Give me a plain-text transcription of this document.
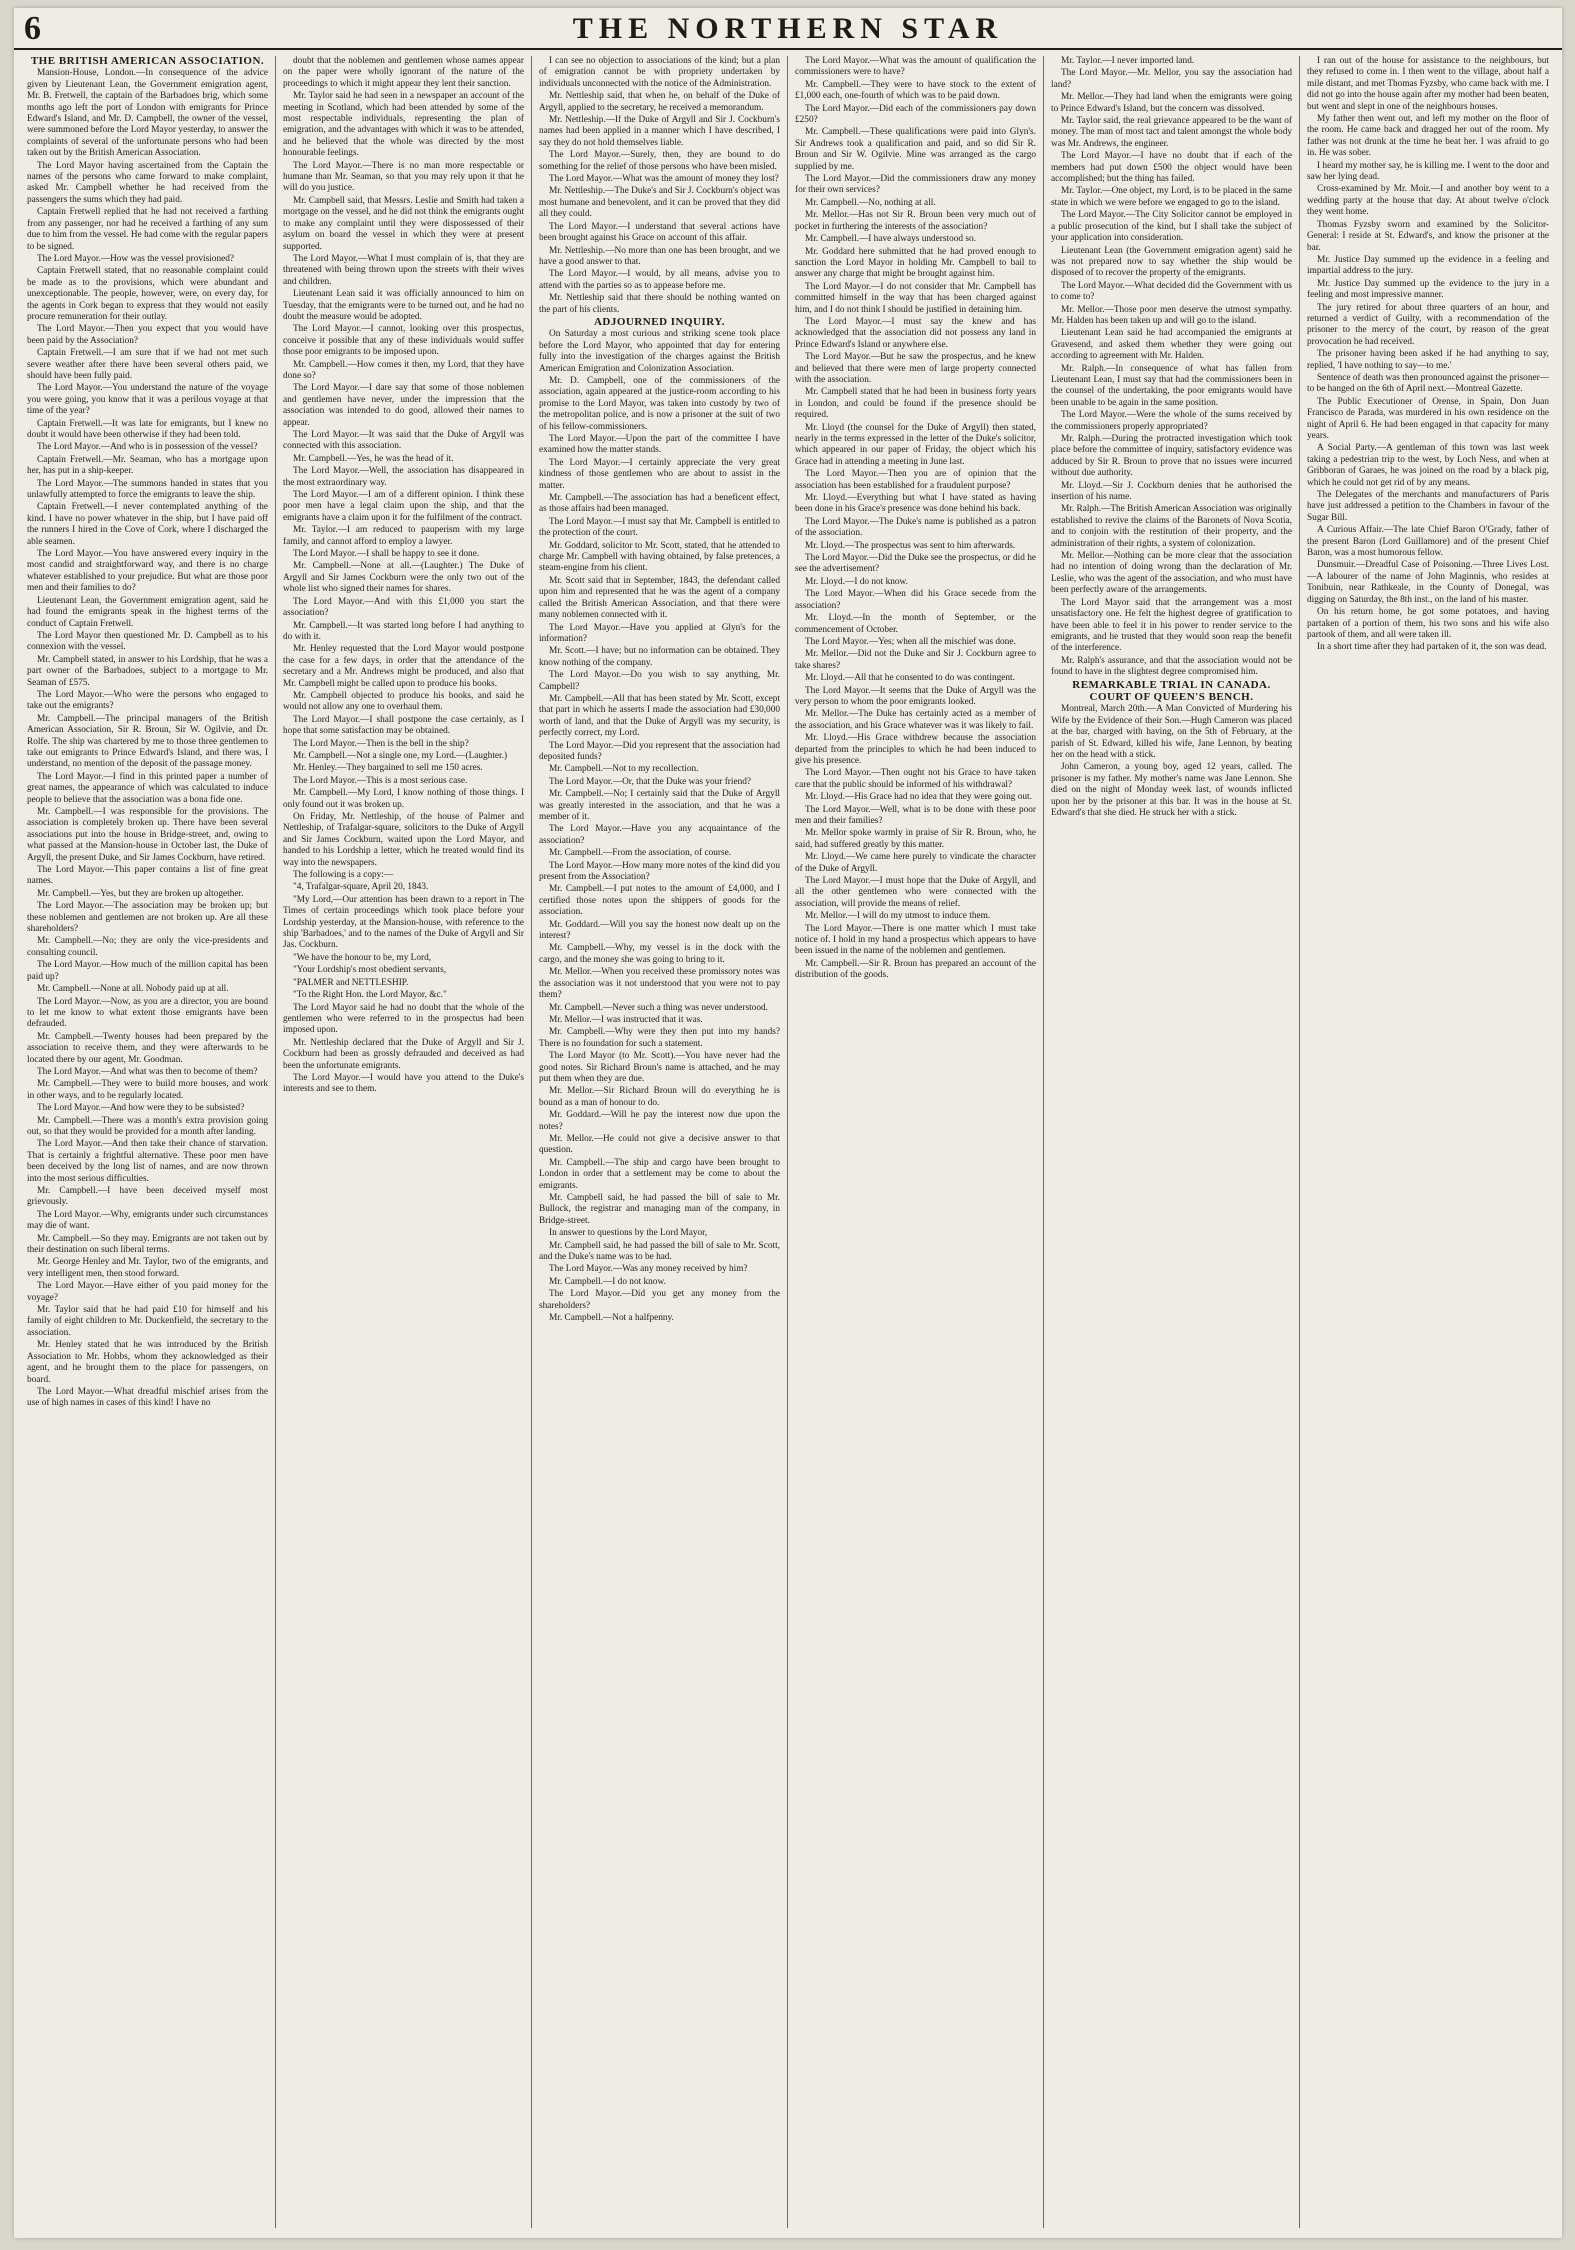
6	THE NORTHERN STAR

THE BRITISH AMERICAN ASSOCIATION.

Mansion-House, London.—In consequence of the advice given by Lieutenant Lean, the Government emigration agent, Mr. B. Fretwell, the captain of the Barbadoes brig, which some months ago left the port of London with emigrants for Prince Edward's Island, and Mr. D. Campbell, the owner of the vessel, were summoned before the Lord Mayor yesterday, to answer the complaints of several of the unfortunate persons who had been taken out by the British American Association.

The Lord Mayor having ascertained from the Captain the names of the persons who came forward to make complaint, asked Mr. Campbell whether he had received from the passengers the sums which they had paid.

Captain Fretwell replied that he had not received a farthing from any passenger, nor had he received a farthing of any sum due to him from the vessel. He had come with the regular papers to be signed.

The Lord Mayor.—How was the vessel provisioned?

Captain Fretwell stated, that no reasonable complaint could be made as to the provisions, which were abundant and unexceptionable. The people, however, were, on every day, for the agents in Cork began to express that they would not easily procure remuneration for their outlay.

The Lord Mayor.—Then you expect that you would have been paid by the Association?

Captain Fretwell.—I am sure that if we had not met such severe weather after there have been several others paid, we should have been fully paid.

The Lord Mayor.—You understand the nature of the voyage you were going, you know that it was a perilous voyage at that time of the year?

Captain Fretwell.—It was late for emigrants, but I knew no doubt it would have been otherwise if they had been told.

The Lord Mayor.—And who is in possession of the vessel?

Captain Fretwell.—Mr. Seaman, who has a mortgage upon her, has put in a ship-keeper.

The Lord Mayor.—The summons handed in states that you unlawfully attempted to force the emigrants to leave the ship.

Captain Fretwell.—I never contemplated anything of the kind. I have no power whatever in the ship, but I have paid off the runners I hired in the Cove of Cork, where I discharged the able seamen.

The Lord Mayor.—You have answered every inquiry in the most candid and straightforward way, and there is no charge whatever established to your prejudice. But what are those poor men and their families to do?

Lieutenant Lean, the Government emigration agent, said he had found the emigrants speak in the highest terms of the conduct of Captain Fretwell.

The Lord Mayor then questioned Mr. D. Campbell as to his connexion with the vessel.

Mr. Campbell stated, in answer to his Lordship, that he was a part owner of the Barbadoes, subject to a mortgage to Mr. Seaman of £575.

The Lord Mayor.—Who were the persons who engaged to take out the emigrants?

Mr. Campbell.—The principal managers of the British American Association, Sir R. Broun, Sir W. Ogilvie, and Dr. Rolfe. The ship was chartered by me to those three gentlemen to take out emigrants to Prince Edward's Island, and there was, I understand, no mention of the deposit of the passage money.

The Lord Mayor.—I find in this printed paper a number of great names, the appearance of which was calculated to induce people to believe that the association was a bona fide one.

Mr. Campbell.—I was responsible for the provisions. The association is completely broken up. There have been several associations put into the house in Bridge-street, and, owing to what passed at the Mansion-house in October last, the Duke of Argyll, the present Duke, and Sir James Cockburn, have retired.

The Lord Mayor.—This paper contains a list of fine great names.

Mr. Campbell.—Yes, but they are broken up altogether.

The Lord Mayor.—The association may be broken up; but these noblemen and gentlemen are not broken up. Are all these shareholders?

Mr. Campbell.—No; they are only the vice-presidents and consulting council.

The Lord Mayor.—How much of the million capital has been paid up?

Mr. Campbell.—None at all. Nobody paid up at all.

The Lord Mayor.—Now, as you are a director, you are bound to let me know to what extent those emigrants have been defrauded.

Mr. Campbell.—Twenty houses had been prepared by the association to receive them, and they were afterwards to be located there by our agent, Mr. Goodman.

The Lord Mayor.—And what was then to become of them?

Mr. Campbell.—They were to build more houses, and work in other ways, and to be regularly located.

The Lord Mayor.—And how were they to be subsisted?

Mr. Campbell.—There was a month's extra provision going out, so that they would be provided for a month after landing.

The Lord Mayor.—And then take their chance of starvation. That is certainly a frightful alternative. These poor men have been deceived by the long list of names, and are now thrown into the most serious difficulties.

Mr. Campbell.—I have been deceived myself most grievously.

The Lord Mayor.—Why, emigrants under such circumstances may die of want.

Mr. Campbell.—So they may. Emigrants are not taken out by their destination on such liberal terms.

Mr. George Henley and Mr. Taylor, two of the emigrants, and very intelligent men, then stood forward.

The Lord Mayor.—Have either of you paid money for the voyage?

Mr. Taylor said that he had paid £10 for himself and his family of eight children to Mr. Duckenfield, the secretary to the association.

Mr. Henley stated that he was introduced by the British Association to Mr. Hobbs, whom they acknowledged as their agent, and he brought them to the place for passengers, on board.

The Lord Mayor.—What dreadful mischief arises from the use of high names in cases of this kind! I have no

doubt that the noblemen and gentlemen whose names appear on the paper were wholly ignorant of the nature of the proceedings to which it might appear they lent their sanction.

Mr. Taylor said he had seen in a newspaper an account of the meeting in Scotland, which had been attended by some of the most respectable individuals, representing the plan of emigration, and the advantages with which it was to be attended, and he believed that the whole was directed by the most honourable feelings.

The Lord Mayor.—There is no man more respectable or humane than Mr. Seaman, so that you may rely upon it that he will do you justice.

Mr. Campbell said, that Messrs. Leslie and Smith had taken a mortgage on the vessel, and he did not think the emigrants ought to make any complaint until they were dispossessed of their asylum on board the vessel in which they were at present supported.

The Lord Mayor.—What I must complain of is, that they are threatened with being thrown upon the streets with their wives and children.

Lieutenant Lean said it was officially announced to him on Tuesday, that the emigrants were to be turned out, and he had no doubt the measure would be adopted.

The Lord Mayor.—I cannot, looking over this prospectus, conceive it possible that any of these individuals would suffer those poor emigrants to be imposed upon.

Mr. Campbell.—How comes it then, my Lord, that they have done so?

The Lord Mayor.—I dare say that some of those noblemen and gentlemen have never, under the impression that the association was intended to do good, allowed their names to appear.

The Lord Mayor.—It was said that the Duke of Argyll was connected with this association.

Mr. Campbell.—Yes, he was the head of it.

The Lord Mayor.—Well, the association has disappeared in the most extraordinary way.

The Lord Mayor.—I am of a different opinion. I think these poor men have a legal claim upon the ship, and that the emigrants have a claim upon it for the fulfilment of the contract.

Mr. Taylor.—I am reduced to pauperism with my large family, and cannot afford to employ a lawyer.

The Lord Mayor.—I shall be happy to see it done.

Mr. Campbell.—None at all.—(Laughter.) The Duke of Argyll and Sir James Cockburn were the only two out of the whole list who signed their names for shares.

The Lord Mayor.—And with this £1,000 you start the association?

Mr. Campbell.—It was started long before I had anything to do with it.

Mr. Henley requested that the Lord Mayor would postpone the case for a few days, in order that the attendance of the secretary and a Mr. Andrews might be produced, and also that Mr. Campbell might be called upon to produce his books.

Mr. Campbell objected to produce his books, and said he would not allow any one to overhaul them.

The Lord Mayor.—I shall postpone the case certainly, as I hope that some satisfaction may be obtained.

The Lord Mayor.—Then is the bell in the ship?

Mr. Campbell.—Not a single one, my Lord.—(Laughter.)

Mr. Henley.—They bargained to sell me 150 acres.

The Lord Mayor.—This is a most serious case.

Mr. Campbell.—My Lord, I know nothing of those things. I only found out it was broken up.

On Friday, Mr. Nettleship, of the house of Palmer and Nettleship, of Trafalgar-square, solicitors to the Duke of Argyll and Sir James Cockburn, waited upon the Lord Mayor, and handed to his Lordship a letter, which he treated would find its way into the newspapers.

The following is a copy:—

"4, Trafalgar-square, April 20, 1843.

"My Lord,—Our attention has been drawn to a report in The Times of certain proceedings which took place before your Lordship yesterday, at the Mansion-house, with reference to the ship 'Barbadoes,' and to the names of the Duke of Argyll and Sir Jas. Cockburn.

"We have the honour to be, my Lord,

"Your Lordship's most obedient servants,

"PALMER and NETTLESHIP.

"To the Right Hon. the Lord Mayor, &c."

The Lord Mayor said he had no doubt that the whole of the gentlemen who were referred to in the prospectus had been imposed upon.

Mr. Nettleship declared that the Duke of Argyll and Sir J. Cockburn had been as grossly defrauded and deceived as had been the unfortunate emigrants.

The Lord Mayor.—I would have you attend to the Duke's interests and see to them.

I can see no objection to associations of the kind; but a plan of emigration cannot be with propriety undertaken by individuals unconnected with the notice of the Administration.

Mr. Nettleship said, that when he, on behalf of the Duke of Argyll, applied to the secretary, he received a memorandum.

Mr. Nettleship.—If the Duke of Argyll and Sir J. Cockburn's names had been applied in a manner which I have described, I say they do not hold themselves liable.

The Lord Mayor.—Surely, then, they are bound to do something for the relief of those persons who have been misled.

The Lord Mayor.—What was the amount of money they lost?

Mr. Nettleship.—The Duke's and Sir J. Cockburn's object was most humane and benevolent, and it can be proved that they did all they could.

The Lord Mayor.—I understand that several actions have been brought against his Grace on account of this affair.

Mr. Nettleship.—No more than one has been brought, and we have a good answer to that.

The Lord Mayor.—I would, by all means, advise you to attend with the parties so as to appease before me.

Mr. Nettleship said that there should be nothing wanted on the part of his clients.

ADJOURNED INQUIRY.

On Saturday a most curious and striking scene took place before the Lord Mayor, who appointed that day for entering fully into the investigation of the charges against the British American Emigration and Colonization Association.

Mr. D. Campbell, one of the commissioners of the association, again appeared at the justice-room according to his promise to the Lord Mayor, was taken into custody by two of the metropolitan police, and is now a prisoner at the suit of two of his fellow-commissioners.

The Lord Mayor.—Upon the part of the committee I have examined how the matter stands.

The Lord Mayor.—I certainly appreciate the very great kindness of those gentlemen who are about to assist in the matter.

Mr. Campbell.—The association has had a beneficent effect, as those affairs had been managed.

The Lord Mayor.—I must say that Mr. Campbell is entitled to the protection of the court.

Mr. Goddard, solicitor to Mr. Scott, stated, that he attended to charge Mr. Campbell with having obtained, by false pretences, a steam-engine from his client.

Mr. Scott said that in September, 1843, the defendant called upon him and represented that he was the agent of a company called the British American Association, and that there were many noblemen connected with it.

The Lord Mayor.—Have you applied at Glyn's for the information?

Mr. Scott.—I have; but no information can be obtained. They know nothing of the company.

The Lord Mayor.—Do you wish to say anything, Mr. Campbell?

Mr. Campbell.—All that has been stated by Mr. Scott, except that part in which he asserts I made the association had £30,000 worth of land, and that the Duke of Argyll was my security, is perfectly correct, my Lord.

The Lord Mayor.—Did you represent that the association had deposited funds?

Mr. Campbell.—Not to my recollection.

The Lord Mayor.—Or, that the Duke was your friend?

Mr. Campbell.—No; I certainly said that the Duke of Argyll was greatly interested in the association, and that he was a member of it.

The Lord Mayor.—Have you any acquaintance of the association?

Mr. Campbell.—From the association, of course.

The Lord Mayor.—How many more notes of the kind did you present from the Association?

Mr. Campbell.—I put notes to the amount of £4,000, and I certified those notes upon the shippers of goods for the association.

Mr. Goddard.—Will you say the honest now dealt up on the interest?

Mr. Campbell.—Why, my vessel is in the dock with the cargo, and the money she was going to bring to it.

Mr. Mellor.—When you received these promissory notes was the association was it not understood that you were not to pay them?

Mr. Campbell.—Never such a thing was never understood.

Mr. Mellor.—I was instructed that it was.

Mr. Campbell.—Why were they then put into my hands? There is no foundation for such a statement.

The Lord Mayor (to Mr. Scott).—You have never had the good notes. Sir Richard Broun's name is attached, and he may put them when they are due.

Mr. Mellor.—Sir Richard Broun will do everything he is bound as a man of honour to do.

Mr. Goddard.—Will he pay the interest now due upon the notes?

Mr. Mellor.—He could not give a decisive answer to that question.

Mr. Campbell.—The ship and cargo have been brought to London in order that a settlement may be come to about the emigrants.

Mr. Campbell said, he had passed the bill of sale to Mr. Bullock, the registrar and managing man of the company, in Bridge-street.

In answer to questions by the Lord Mayor,

Mr. Campbell said, he had passed the bill of sale to Mr. Scott, and the Duke's name was to be had.

The Lord Mayor.—Was any money received by him?

Mr. Campbell.—I do not know.

The Lord Mayor.—Did you get any money from the shareholders?

Mr. Campbell.—Not a halfpenny.

The Lord Mayor.—What was the amount of qualification the commissioners were to have?

Mr. Campbell.—They were to have stock to the extent of £1,000 each, one-fourth of which was to be paid down.

The Lord Mayor.—Did each of the commissioners pay down £250?

Mr. Campbell.—These qualifications were paid into Glyn's. Sir Andrews took a qualification and paid, and so did Sir R. Broun and Sir W. Ogilvie. Mine was arranged as the cargo supplied by me.

The Lord Mayor.—Did the commissioners draw any money for their own services?

Mr. Campbell.—No, nothing at all.

Mr. Mellor.—Has not Sir R. Broun been very much out of pocket in furthering the interests of the association?

Mr. Campbell.—I have always understood so.

Mr. Goddard here submitted that he had proved enough to sanction the Lord Mayor in holding Mr. Campbell to bail to answer any charge that might be brought against him.

The Lord Mayor.—I do not consider that Mr. Campbell has committed himself in the way that has been charged against him, and I do not think I should be justified in detaining him.

The Lord Mayor.—I must say the knew and has acknowledged that the association did not possess any land in Prince Edward's Island or anywhere else.

The Lord Mayor.—But he saw the prospectus, and he knew and believed that there were men of large property connected with the association.

Mr. Campbell stated that he had been in business forty years in London, and could be found if the presence should be required.

Mr. Lloyd (the counsel for the Duke of Argyll) then stated, nearly in the terms expressed in the letter of the Duke's solicitor, which appeared in our paper of Friday, the object which his Grace had in attending a meeting in June last.

The Lord Mayor.—Then you are of opinion that the association has been established for a fraudulent purpose?

Mr. Lloyd.—Everything but what I have stated as having been done in his Grace's presence was done behind his back.

The Lord Mayor.—The Duke's name is published as a patron of the association.

Mr. Lloyd.—The prospectus was sent to him afterwards.

The Lord Mayor.—Did the Duke see the prospectus, or did he see the advertisement?

Mr. Lloyd.—I do not know.

The Lord Mayor.—When did his Grace secede from the association?

Mr. Lloyd.—In the month of September, or the commencement of October.

The Lord Mayor.—Yes; when all the mischief was done.

Mr. Mellor.—Did not the Duke and Sir J. Cockburn agree to take shares?

Mr. Lloyd.—All that he consented to do was contingent.

The Lord Mayor.—It seems that the Duke of Argyll was the very person to whom the poor emigrants looked.

Mr. Mellor.—The Duke has certainly acted as a member of the association, and his Grace whatever was it was likely to fail.

Mr. Lloyd.—His Grace withdrew because the association departed from the principles to which he had been induced to give his presence.

The Lord Mayor.—Then ought not his Grace to have taken care that the public should be informed of his withdrawal?

Mr. Lloyd.—His Grace had no idea that they were going out.

The Lord Mayor.—Well, what is to be done with these poor men and their families?

Mr. Mellor spoke warmly in praise of Sir R. Broun, who, he said, had suffered greatly by this matter.

Mr. Lloyd.—We came here purely to vindicate the character of the Duke of Argyll.

The Lord Mayor.—I must hope that the Duke of Argyll, and all the other gentlemen who were connected with the association, will provide the means of relief.

Mr. Mellor.—I will do my utmost to induce them.

The Lord Mayor.—There is one matter which I must take notice of. I hold in my hand a prospectus which appears to have been issued in the name of the noblemen and gentlemen.

Mr. Campbell.—Sir R. Broun has prepared an account of the distribution of the goods.

Mr. Taylor.—I never imported land.

The Lord Mayor.—Mr. Mellor, you say the association had land?

Mr. Mellor.—They had land when the emigrants were going to Prince Edward's Island, but the concern was dissolved.

Mr. Taylor said, the real grievance appeared to be the want of money. The man of most tact and talent amongst the whole body was Mr. Andrews, the engineer.

The Lord Mayor.—I have no doubt that if each of the members had put down £500 the object would have been accomplished; but the thing has failed.

Mr. Taylor.—One object, my Lord, is to be placed in the same state in which we were before we engaged to go to the island.

The Lord Mayor.—The City Solicitor cannot be employed in a public prosecution of the kind, but I shall take the subject of your application into consideration.

Lieutenant Lean (the Government emigration agent) said he was not prepared now to say whether the ship would be disposed of to recover the property of the emigrants.

The Lord Mayor.—What decided did the Government with us to come to?

Mr. Mellor.—Those poor men deserve the utmost sympathy. Mr. Halden has been taken up and will go to the island.

Lieutenant Lean said he had accompanied the emigrants at Gravesend, and asked them whether they were going out according to agreement with Mr. Halden.

Mr. Ralph.—In consequence of what has fallen from Lieutenant Lean, I must say that had the commissioners been in the counsel of the undertaking, the poor emigrants would have been unable to be again in the same position.

The Lord Mayor.—Were the whole of the sums received by the commissioners properly appropriated?

Mr. Ralph.—During the protracted investigation which took place before the committee of inquiry, satisfactory evidence was adduced by Sir R. Broun to prove that no issues were incurred without due authority.

Mr. Lloyd.—Sir J. Cockburn denies that he authorised the insertion of his name.

Mr. Ralph.—The British American Association was originally established to revive the claims of the Baronets of Nova Scotia, and to conjoin with the restitution of their property, and the administration of their rights, a system of colonization.

Mr. Mellor.—Nothing can be more clear that the association had no intention of doing wrong than the declaration of Mr. Leslie, who was the agent of the association, and who must have been perfectly aware of the arrangements.

The Lord Mayor said that the arrangement was a most unsatisfactory one. He felt the highest degree of gratification to have been able to feel it in his power to render service to the emigrants, and he trusted that they would soon reap the benefit of the interference.

Mr. Ralph's assurance, and that the association would not be found to have in the slightest degree compromised him.

REMARKABLE TRIAL IN CANADA.

COURT OF QUEEN'S BENCH.

Montreal, March 20th.—A Man Convicted of Murdering his Wife by the Evidence of their Son.—Hugh Cameron was placed at the bar, charged with having, on the 5th of February, at the parish of St. Edward, killed his wife, Jane Lennon, by beating her on the head with a stick.

John Cameron, a young boy, aged 12 years, called. The prisoner is my father. My mother's name was Jane Lennon. She died on the night of Monday week last, of wounds inflicted upon her by the prisoner at this bar. It was in the house at St. Edward's that she died. He struck her with a stick.

I ran out of the house for assistance to the neighbours, but they refused to come in. I then went to the village, about half a mile distant, and met Thomas Fyzsby, who came back with me. I did not go into the house again after my mother had been beaten, but went and slept in one of the neighbours houses.

My father then went out, and left my mother on the floor of the room. He came back and dragged her out of the room. My father was not drunk at the time he beat her. I was afraid to go in. He was sober.

I heard my mother say, he is killing me. I went to the door and saw her lying dead.

Cross-examined by Mr. Moir.—I and another boy went to a wedding party at the house that day. At about twelve o'clock they went home.

Thomas Fyzsby sworn and examined by the Solicitor-General: I reside at St. Edward's, and know the prisoner at the bar.

Mr. Justice Day summed up the evidence in a feeling and impartial address to the jury.

Mr. Justice Day summed up the evidence to the jury in a feeling and most impressive manner.

The jury retired for about three quarters of an hour, and returned a verdict of Guilty, with a recommendation of the prisoner to the mercy of the court, by reason of the great provocation he had received.

The prisoner having been asked if he had anything to say, replied, 'I have nothing to say—to me.'

Sentence of death was then pronounced against the prisoner—to be hanged on the 6th of April next.—Montreal Gazette.

The Public Executioner of Orense, in Spain, Don Juan Francisco de Parada, was murdered in his own residence on the night of April 6. He had been engaged in that capacity for many years.

A Social Party.—A gentleman of this town was last week taking a pedestrian trip to the west, by Loch Ness, and when at Gribboran of Garaes, he was joined on the road by a black pig, which he could not get rid of by any means.

The Delegates of the merchants and manufacturers of Paris have just addressed a petition to the Chambers in favour of the Sugar Bill.

A Curious Affair.—The late Chief Baron O'Grady, father of the present Baron (Lord Guillamore) and of the present Chief Baron, was a most humorous fellow.

Dunsmuir.—Dreadful Case of Poisoning.—Three Lives Lost.—A labourer of the name of John Maginnis, who resides at Tonibuin, near Rathkeale, in the County of Donegal, was digging on Saturday, the 8th inst., on the land of his master.

On his return home, he got some potatoes, and having partaken of a portion of them, his two sons and his wife also partook of them, and all were taken ill.

In a short time after they had partaken of it, the son was dead.
